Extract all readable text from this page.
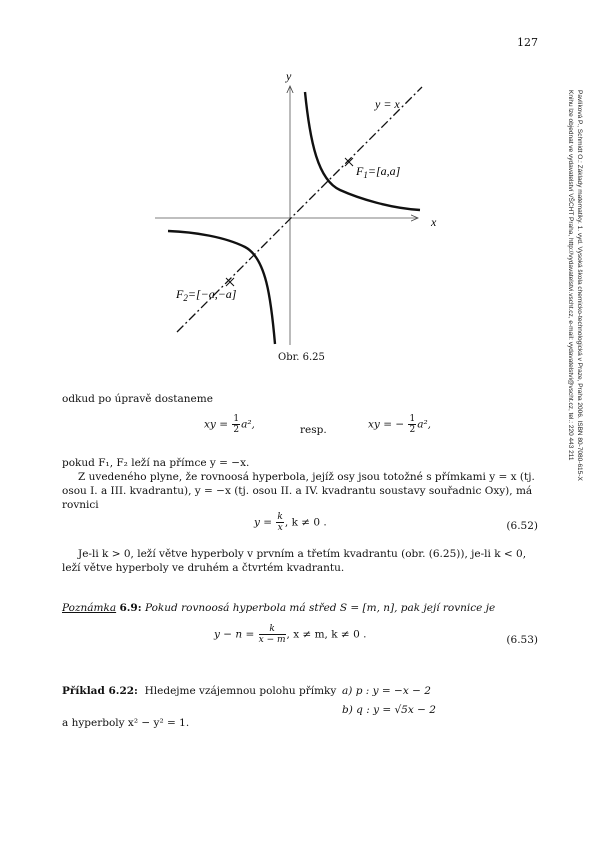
127
Pavlíková P., Schmidt O.: Základy matematiky. 1. vyd. Vysoká škola chemicko-technologická v Praze, Praha 2006. ISBN 80-7080-615-X
Knihu lze objednat ve vydavatelství VŠCHT Praha, http://vydavatelstvi.vscht.cz, e-mail: vydavatelstvi@vscht.cz, tel.: 220 443 211
y
x
y = x
$F_1=[a,a]$
$F_2=[-a,-a]$
Obr. 6.25
odkud po úpravě dostaneme
xy = $\frac{1}{2} a^2$,	resp.	xy = − $\frac{1}{2} a^2$,
pokud F₁, F₂ leží na přímce y = −x.
Z uvedeného plyne, že rovnoosá hyperbola, jejíž osy jsou totožné s přímkami y = x (tj. osou I. a III. kvadrantu), y = −x (tj. osou II. a IV. kvadrantu soustavy souřadnic Oxy), má rovnici
$y = \frac{k}{x}$ , k ≠ 0 .	(6.52)
Je-li k > 0, leží větve hyperboly v prvním a třetím kvadrantu (obr. (6.25)), je-li k < 0, leží větve hyperboly ve druhém a čtvrtém kvadrantu.
Poznámka 6.9: Pokud rovnoosá hyperbola má střed S = [m, n], pak její rovnice je
$y - n = \frac{k}{x - m}$ , x ≠ m, k ≠ 0 .	(6.53)
Příklad 6.22: Hledejme vzájemnou polohu přímky a) p : y = −x − 2
b) q : y = √5x − 2
a hyperboly x² − y² = 1.
